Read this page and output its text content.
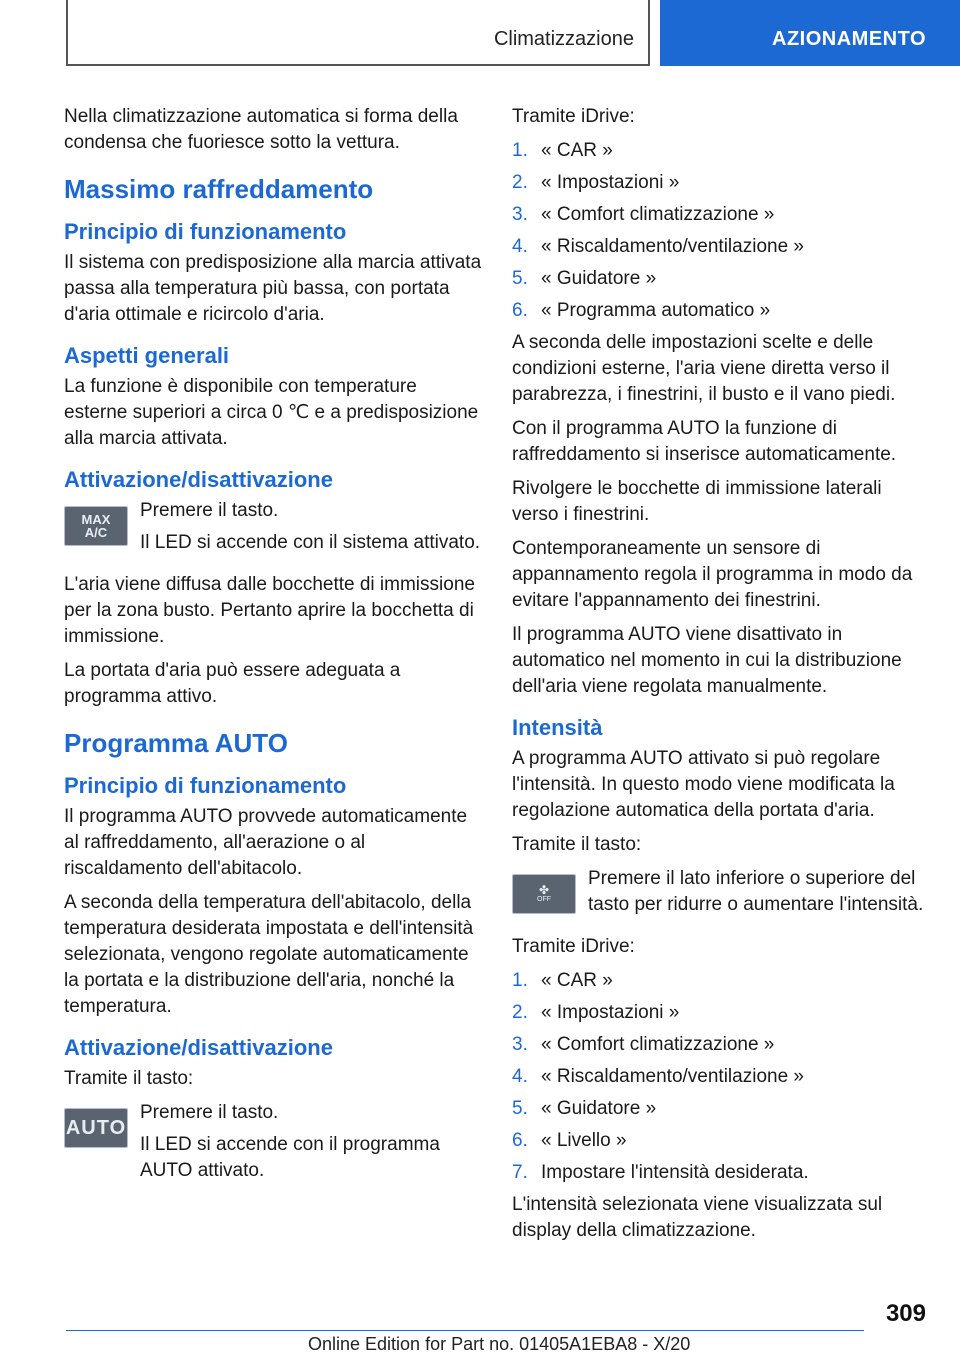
Climatizzazione	AZIONAMENTO

Nella climatizzazione automatica si forma della condensa che fuoriesce sotto la vettura.

Massimo raffreddamento
Principio di funzionamento

Il sistema con predisposizione alla marcia attivata passa alla temperatura più bassa, con portata d'aria ottimale e ricircolo d'aria.

Aspetti generali

La funzione è disponibile con temperature esterne superiori a circa 0 ℃ e a predisposizione alla marcia attivata.

Attivazione/disattivazione
MAX
A/C

Premere il tasto.

Il LED si accende con il sistema attivato.

L'aria viene diffusa dalle bocchette di immissione per la zona busto. Pertanto aprire la bocchetta di immissione.

La portata d'aria può essere adeguata a programma attivo.

Programma AUTO
Principio di funzionamento

Il programma AUTO provvede automaticamente al raffreddamento, all'aerazione o al riscaldamento dell'abitacolo.

A seconda della temperatura dell'abitacolo, della temperatura desiderata impostata e dell'intensità selezionata, vengono regolate automaticamente la portata e la distribuzione dell'aria, nonché la temperatura.

Attivazione/disattivazione

Tramite il tasto:

AUTO

Premere il tasto.

Il LED si accende con il programma AUTO attivato.

Tramite iDrive:

1. « CAR »
2. « Impostazioni »
3. « Comfort climatizzazione »
4. « Riscaldamento/ventilazione »
5. « Guidatore »
6. « Programma automatico »

A seconda delle impostazioni scelte e delle condizioni esterne, l'aria viene diretta verso il parabrezza, i finestrini, il busto e il vano piedi.

Con il programma AUTO la funzione di raffreddamento si inserisce automaticamente.

Rivolgere le bocchette di immissione laterali verso i finestrini.

Contemporaneamente un sensore di appannamento regola il programma in modo da evitare l'appannamento dei finestrini.

Il programma AUTO viene disattivato in automatico nel momento in cui la distribuzione dell'aria viene regolata manualmente.

Intensità

A programma AUTO attivato si può regolare l'intensità. In questo modo viene modificata la regolazione automatica della portata d'aria.

Tramite il tasto:

✤
OFF

Premere il lato inferiore o superiore del tasto per ridurre o aumentare l'intensità.

Tramite iDrive:

1. « CAR »
2. « Impostazioni »
3. « Comfort climatizzazione »
4. « Riscaldamento/ventilazione »
5. « Guidatore »
6. « Livello »
7. Impostare l'intensità desiderata.

L'intensità selezionata viene visualizzata sul display della climatizzazione.

309
Online Edition for Part no. 01405A1EBA8 - X/20
